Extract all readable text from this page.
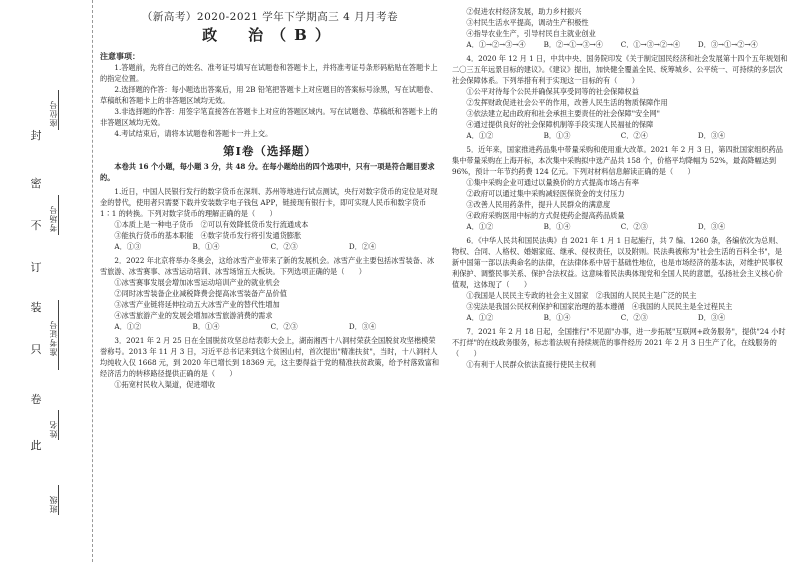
封
密
不
订
装
只
卷
此
座位号
考场号
准考证号
姓名
班级

（新高考）2020-2021 学年下学期高三 4 月月考卷

政　治（B）

注意事项：

1.答题前，先将自己的姓名、准考证号填写在试题卷和答题卡上，并将准考证号条形码粘贴在答题卡上的指定位置。

2.选择题的作答：每小题选出答案后，用 2B 铅笔把答题卡上对应题目的答案标号涂黑，写在试题卷、草稿纸和答题卡上的非答题区域均无效。

3.非选择题的作答：用签字笔直接答在答题卡上对应的答题区域内。写在试题卷、草稿纸和答题卡上的非答题区域均无效。

4.考试结束后，请将本试题卷和答题卡一并上交。

第Ⅰ卷（选择题）

本卷共 16 个小题，每小题 3 分，共 48 分。在每小题给出的四个选项中，只有一项是符合题目要求的。

1.近日，中国人民银行发行的数字货币在深圳、苏州等地进行试点测试，央行对数字货币的定位是对现金的替代，使用者只需要下载并安装数字电子钱包 APP，链接现有银行卡，即可实现人民币和数字货币 1∶1 的转换。下列对数字货币的理解正确的是（　　）

①本质上是一种电子货币　②可以有效降低货币发行流通成本

③能执行货币的基本职能　④数字货币发行将引发通货膨胀

A．①③	B．①④	C．②③	D．②④

2．2022 年北京将举办冬奥会，这给冰雪产业带来了新的发展机会。冰雪产业主要包括冰雪装备、冰雪旅游、冰雪赛事、冰雪运动培训、冰雪场馆五大板块。下列选项正确的是（　　）

①冰雪赛事发展会增加冰雪运动培训产业的就业机会

②同时冰雪装备企业减税降费会提高冰雪装备产品价值

③冰雪产业链将延伸拉动五大冰雪产业的替代性增加

④冰雪旅游产业的发展会增加冰雪旅游消费的需求

A．①②	B．①④	C．②③	D．③④

3．2021 年 2 月 25 日在全国脱贫攻坚总结表彰大会上，湖南湘西十八洞村荣获全国脱贫攻坚楷模荣誉称号。2013 年 11 月 3 日，习近平总书记来到这个贫困山村，首次提出"精准扶贫"，当时，十八洞村人均纯收入仅 1668 元，到 2020 年已增长到 18369 元，这主要得益于党的精准扶贫政策，给予村落致富和经济活力的转移路径提供正确的是（　　）

①拓宽村民收入渠道，促进增收

②促进农村经济发展，助力乡村振兴

③村民生活水平提高，调动生产积极性

④指导农业生产，引导村民自主就业创业

A．①→②→③→④	B．②→①→③→④	C．①→③→②→④	D．③→①→②→④

4．2020 年 12 月 1 日，中共中央、国务院印发《关于制定国民经济和社会发展第十四个五年规划和二〇三五年远景目标的建议》。《建议》提出，加快健全覆盖全民、统筹城乡、公平统一、可持续的多层次社会保障体系。下列举措有利于实现这一目标的有（　　）

①公平对待每个公民并确保其享受同等的社会保障权益

②发挥财政促进社会公平的作用，改善人民生活的物质保障作用

③依法建立起由政府和社会承担主要责任的社会保障"安全网"

④通过提供良好的社会保障机制等手段实现人民福祉的保障

A．①②	B．①③	C．②④	D．③④

5．近年来，国家推进药品集中带量采购和使用重大改革。2021 年 2 月 3 日，第四批国家组织药品集中带量采购在上海开标，本次集中采购拟中选产品共 158 个，价格平均降幅为 52%，最高降幅达到 96%，预计一年节约药费 124 亿元。下列对材料信息解读正确的是（　　）

①集中采购企业可通过以量换价的方式提高市场占有率

②政府可以通过集中采购减轻医保资金的支付压力

③改善人民用药条件，提升人民群众的满意度

④政府采购医用中标的方式促使药企提高药品质量

A．①②	B．①④	C．②③	D．③④

6．《中华人民共和国民法典》自 2021 年 1 月 1 日起施行，共 7 编、1260 条，各编依次为总则、物权、合同、人格权、婚姻家庭、继承、侵权责任，以及附则。民法典被称为"社会生活的百科全书"，是新中国第一部以法典命名的法律，在法律体系中居于基础性地位，也是市场经济的基本法，对维护民事权利保护、调整民事关系、保护合法权益。这意味着民法典体现党和全国人民的意愿，弘扬社会主义核心价值观，这体现了（　　）

①我国是人民民主专政的社会主义国家　②我国的人民民主是广泛的民主

③宪法是我国公民权利保护和国家治理的基本遵循　④我国的人民民主是全过程民主

A．①②	B．①④	C．②③	D．③④

7．2021 年 2 月 18 日起，全国推行"不见面"办事，进一步拓展"互联网+政务服务"，提供"24 小时不打烊"的在线政务服务，标志着法规有持续规范的事件经历 2021 年 2 月 3 日生产了化，在线服务的（　　）

①有利于人民群众依法直接行使民主权利
